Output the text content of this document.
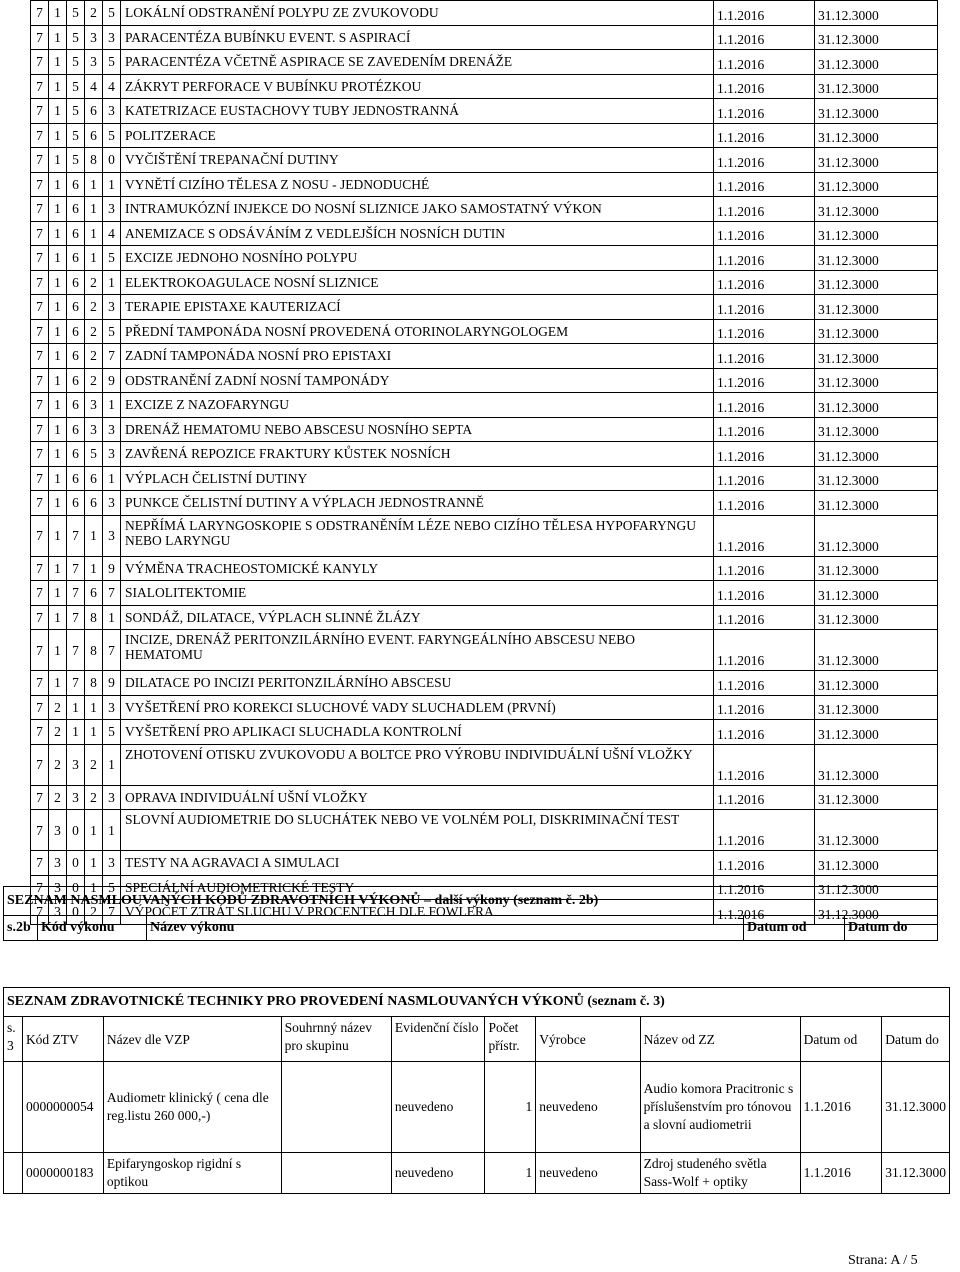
7	1	5	2	5	LOKÁLNÍ ODSTRANĚNÍ POLYPU ZE ZVUKOVODU	1.1.2016	31.12.3000
7	1	5	3	3	PARACENTÉZA BUBÍNKU EVENT. S ASPIRACÍ	1.1.2016	31.12.3000
7	1	5	3	5	PARACENTÉZA VČETNĚ ASPIRACE SE ZAVEDENÍM DRENÁŽE	1.1.2016	31.12.3000
7	1	5	4	4	ZÁKRYT PERFORACE V BUBÍNKU PROTÉZKOU	1.1.2016	31.12.3000
7	1	5	6	3	KATETRIZACE EUSTACHOVY TUBY JEDNOSTRANNÁ	1.1.2016	31.12.3000
7	1	5	6	5	POLITZERACE	1.1.2016	31.12.3000
7	1	5	8	0	VYČIŠTĚNÍ TREPANAČNÍ DUTINY	1.1.2016	31.12.3000
7	1	6	1	1	VYNĚTÍ CIZÍHO TĚLESA Z NOSU - JEDNODUCHÉ	1.1.2016	31.12.3000
7	1	6	1	3	INTRAMUKÓZNÍ INJEKCE DO NOSNÍ SLIZNICE JAKO SAMOSTATNÝ VÝKON	1.1.2016	31.12.3000
7	1	6	1	4	ANEMIZACE S ODSÁVÁNÍM Z VEDLEJŠÍCH NOSNÍCH DUTIN	1.1.2016	31.12.3000
7	1	6	1	5	EXCIZE JEDNOHO NOSNÍHO POLYPU	1.1.2016	31.12.3000
7	1	6	2	1	ELEKTROKOAGULACE NOSNÍ SLIZNICE	1.1.2016	31.12.3000
7	1	6	2	3	TERAPIE EPISTAXE KAUTERIZACÍ	1.1.2016	31.12.3000
7	1	6	2	5	PŘEDNÍ TAMPONÁDA NOSNÍ PROVEDENÁ OTORINOLARYNGOLOGEM	1.1.2016	31.12.3000
7	1	6	2	7	ZADNÍ TAMPONÁDA NOSNÍ PRO EPISTAXI	1.1.2016	31.12.3000
7	1	6	2	9	ODSTRANĚNÍ ZADNÍ NOSNÍ TAMPONÁDY	1.1.2016	31.12.3000
7	1	6	3	1	EXCIZE Z NAZOFARYNGU	1.1.2016	31.12.3000
7	1	6	3	3	DRENÁŽ HEMATOMU NEBO ABSCESU NOSNÍHO SEPTA	1.1.2016	31.12.3000
7	1	6	5	3	ZAVŘENÁ REPOZICE FRAKTURY KŮSTEK NOSNÍCH	1.1.2016	31.12.3000
7	1	6	6	1	VÝPLACH ČELISTNÍ DUTINY	1.1.2016	31.12.3000
7	1	6	6	3	PUNKCE ČELISTNÍ DUTINY A VÝPLACH JEDNOSTRANNĚ	1.1.2016	31.12.3000
7	1	7	1	3	NEPŘÍMÁ LARYNGOSKOPIE S ODSTRANĚNÍM LÉZE NEBO CIZÍHO TĚLESA HYPOFARYNGU NEBO LARYNGU	1.1.2016	31.12.3000
7	1	7	1	9	VÝMĚNA TRACHEOSTOMICKÉ KANYLY	1.1.2016	31.12.3000
7	1	7	6	7	SIALOLITEKTOMIE	1.1.2016	31.12.3000
7	1	7	8	1	SONDÁŽ, DILATACE, VÝPLACH SLINNÉ ŽLÁZY	1.1.2016	31.12.3000
7	1	7	8	7	INCIZE, DRENÁŽ PERITONZILÁRNÍHO EVENT. FARYNGEÁLNÍHO ABSCESU NEBO HEMATOMU	1.1.2016	31.12.3000
7	1	7	8	9	DILATACE PO INCIZI PERITONZILÁRNÍHO ABSCESU	1.1.2016	31.12.3000
7	2	1	1	3	VYŠETŘENÍ PRO KOREKCI SLUCHOVÉ VADY SLUCHADLEM (PRVNÍ)	1.1.2016	31.12.3000
7	2	1	1	5	VYŠETŘENÍ PRO APLIKACI SLUCHADLA KONTROLNÍ	1.1.2016	31.12.3000
7	2	3	2	1	ZHOTOVENÍ OTISKU ZVUKOVODU A BOLTCE PRO VÝROBU INDIVIDUÁLNÍ UŠNÍ VLOŽKY	1.1.2016	31.12.3000
7	2	3	2	3	OPRAVA INDIVIDUÁLNÍ UŠNÍ VLOŽKY	1.1.2016	31.12.3000
7	3	0	1	1	SLOVNÍ AUDIOMETRIE DO SLUCHÁTEK NEBO VE VOLNÉM POLI, DISKRIMINAČNÍ TEST	1.1.2016	31.12.3000
7	3	0	1	3	TESTY NA AGRAVACI A SIMULACI	1.1.2016	31.12.3000
7	3	0	1	5	SPECIÁLNÍ AUDIOMETRICKÉ TESTY	1.1.2016	31.12.3000
7	3	0	2	7	VÝPOČET ZTRÁT SLUCHU V PROCENTECH DLE FOWLERA	1.1.2016	31.12.3000
SEZNAM NASMLOUVANÝCH KÓDŮ ZDRAVOTNÍCH VÝKONŮ – další výkony (seznam č. 2b)
s.2b	Kód výkonu	Název výkonu	Datum od	Datum do
SEZNAM ZDRAVOTNICKÉ TECHNIKY PRO PROVEDENÍ NASMLOUVANÝCH VÝKONŮ (seznam č. 3)									
s. 3	Kód ZTV	Název dle VZP	Souhrnný název pro skupinu	Evidenční číslo	Počet přístr.	Výrobce	Název od ZZ	Datum od	Datum do
	0000000054	Audiometr klinický ( cena dle reg.listu 260 000,-)		neuvedeno	1	neuvedeno	Audio komora Pracitronic s příslušenstvím pro tónovou a slovní audiometrii	1.1.2016	31.12.3000
	0000000183	Epifaryngoskop rigidní s optikou		neuvedeno	1	neuvedeno	Zdroj studeného světla Sass-Wolf + optiky	1.1.2016	31.12.3000
Strana: A / 5
